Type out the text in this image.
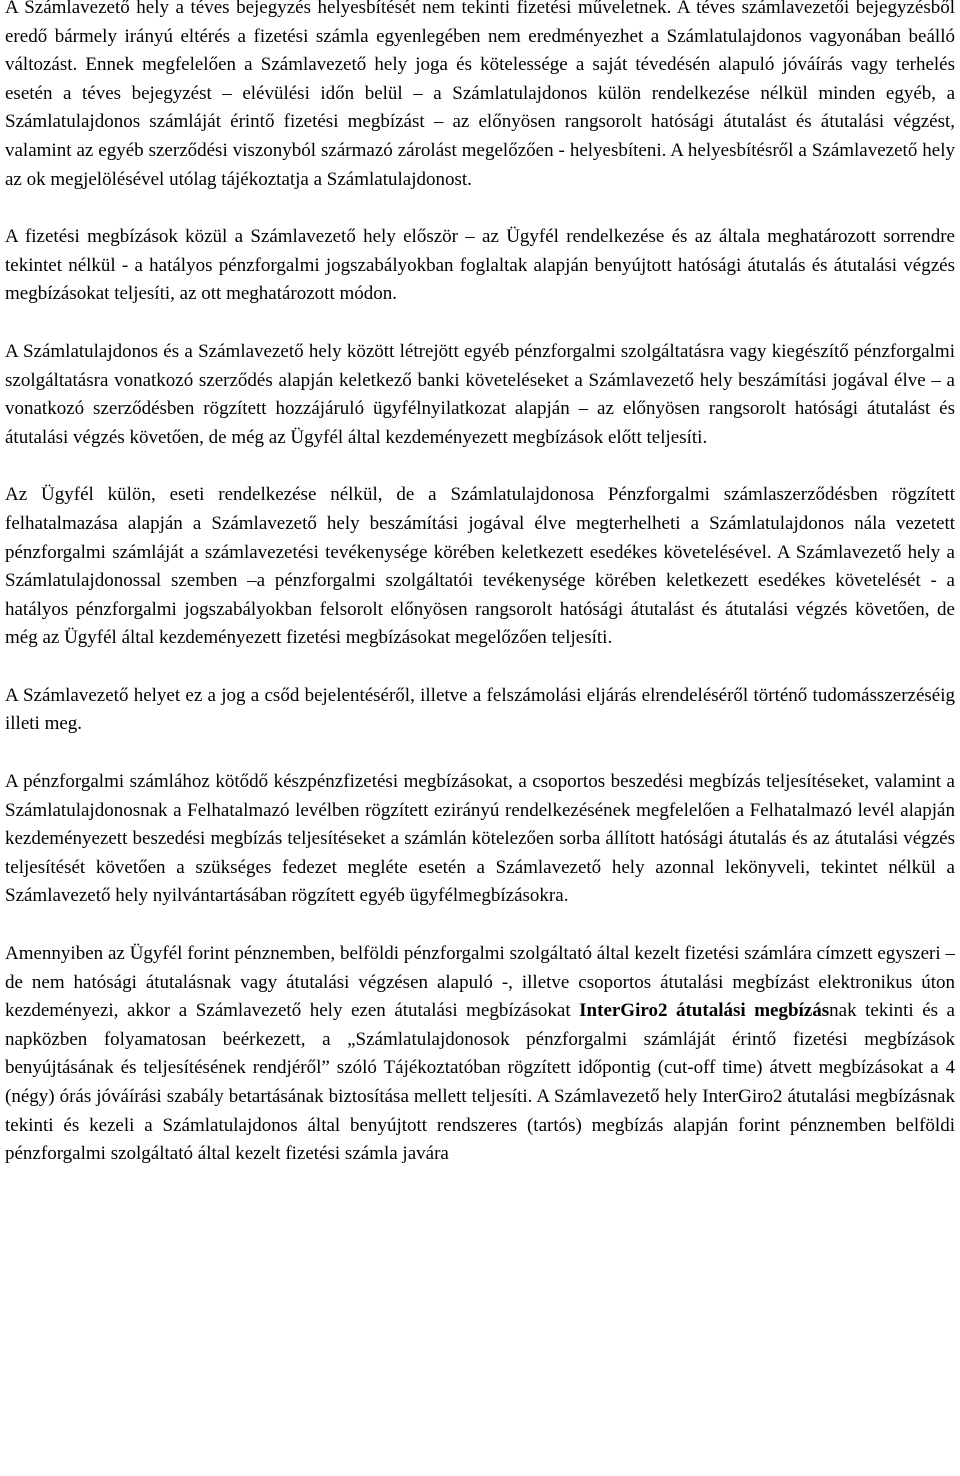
A Számlavezető hely a téves bejegyzés helyesbítését nem tekinti fizetési műveletnek. A téves számlavezetői bejegyzésből eredő bármely irányú eltérés a fizetési számla egyenlegében nem eredményezhet a Számlatulajdonos vagyonában beálló változást. Ennek megfelelően a Számlavezető hely joga és kötelessége a saját tévedésén alapuló jóváírás vagy terhelés esetén a téves bejegyzést – elévülési időn belül – a Számlatulajdonos külön rendelkezése nélkül minden egyéb, a Számlatulajdonos számláját érintő fizetési megbízást – az előnyösen rangsorolt hatósági átutalást és átutalási végzést, valamint az egyéb szerződési viszonyból származó zárolást megelőzően - helyesbíteni. A helyesbítésről a Számlavezető hely az ok megjelölésével utólag tájékoztatja a Számlatulajdonost.

A fizetési megbízások közül a Számlavezető hely először – az Ügyfél rendelkezése és az általa meghatározott sorrendre tekintet nélkül - a hatályos pénzforgalmi jogszabályokban foglaltak alapján benyújtott hatósági átutalás és átutalási végzés megbízásokat teljesíti, az ott meghatározott módon.

A Számlatulajdonos és a Számlavezető hely között létrejött egyéb pénzforgalmi szolgáltatásra vagy kiegészítő pénzforgalmi szolgáltatásra vonatkozó szerződés alapján keletkező banki követeléseket a Számlavezető hely beszámítási jogával élve – a vonatkozó szerződésben rögzített hozzájáruló ügyfélnyilatkozat alapján – az előnyösen rangsorolt hatósági átutalást és átutalási végzés követően, de még az Ügyfél által kezdeményezett megbízások előtt teljesíti.

Az Ügyfél külön, eseti rendelkezése nélkül, de a Számlatulajdonosa Pénzforgalmi számlaszerződésben rögzített felhatalmazása alapján a Számlavezető hely beszámítási jogával élve megterhelheti a Számlatulajdonos nála vezetett pénzforgalmi számláját a számlavezetési tevékenysége körében keletkezett esedékes követelésével. A Számlavezető hely a Számlatulajdonossal szemben –a pénzforgalmi szolgáltatói tevékenysége körében keletkezett esedékes követelését - a hatályos pénzforgalmi jogszabályokban felsorolt előnyösen rangsorolt hatósági átutalást és átutalási végzés követően, de még az Ügyfél által kezdeményezett fizetési megbízásokat megelőzően teljesíti.

A Számlavezető helyet ez a jog a csőd bejelentéséről, illetve a felszámolási eljárás elrendeléséről történő tudomásszerzéséig illeti meg.

A pénzforgalmi számlához kötődő készpénzfizetési megbízásokat, a csoportos beszedési megbízás teljesítéseket, valamint a Számlatulajdonosnak a Felhatalmazó levélben rögzített ezirányú rendelkezésének megfelelően a Felhatalmazó levél alapján kezdeményezett beszedési megbízás teljesítéseket a számlán kötelezően sorba állított hatósági átutalás és az átutalási végzés teljesítését követően a szükséges fedezet megléte esetén a Számlavezető hely azonnal lekönyveli, tekintet nélkül a Számlavezető hely nyilvántartásában rögzített egyéb ügyfélmegbízásokra.

Amennyiben az Ügyfél forint pénznemben, belföldi pénzforgalmi szolgáltató által kezelt fizetési számlára címzett egyszeri – de nem hatósági átutalásnak vagy átutalási végzésen alapuló -, illetve csoportos átutalási megbízást elektronikus úton kezdeményezi, akkor a Számlavezető hely ezen átutalási megbízásokat InterGiro2 átutalási megbízásnak tekinti és a napközben folyamatosan beérkezett, a „Számlatulajdonosok pénzforgalmi számláját érintő fizetési megbízások benyújtásának és teljesítésének rendjéről” szóló Tájékoztatóban rögzített időpontig (cut-off time) átvett megbízásokat a 4 (négy) órás jóváírási szabály betartásának biztosítása mellett teljesíti. A Számlavezető hely InterGiro2 átutalási megbízásnak tekinti és kezeli a Számlatulajdonos által benyújtott rendszeres (tartós) megbízás alapján forint pénznemben belföldi pénzforgalmi szolgáltató által kezelt fizetési számla javára
